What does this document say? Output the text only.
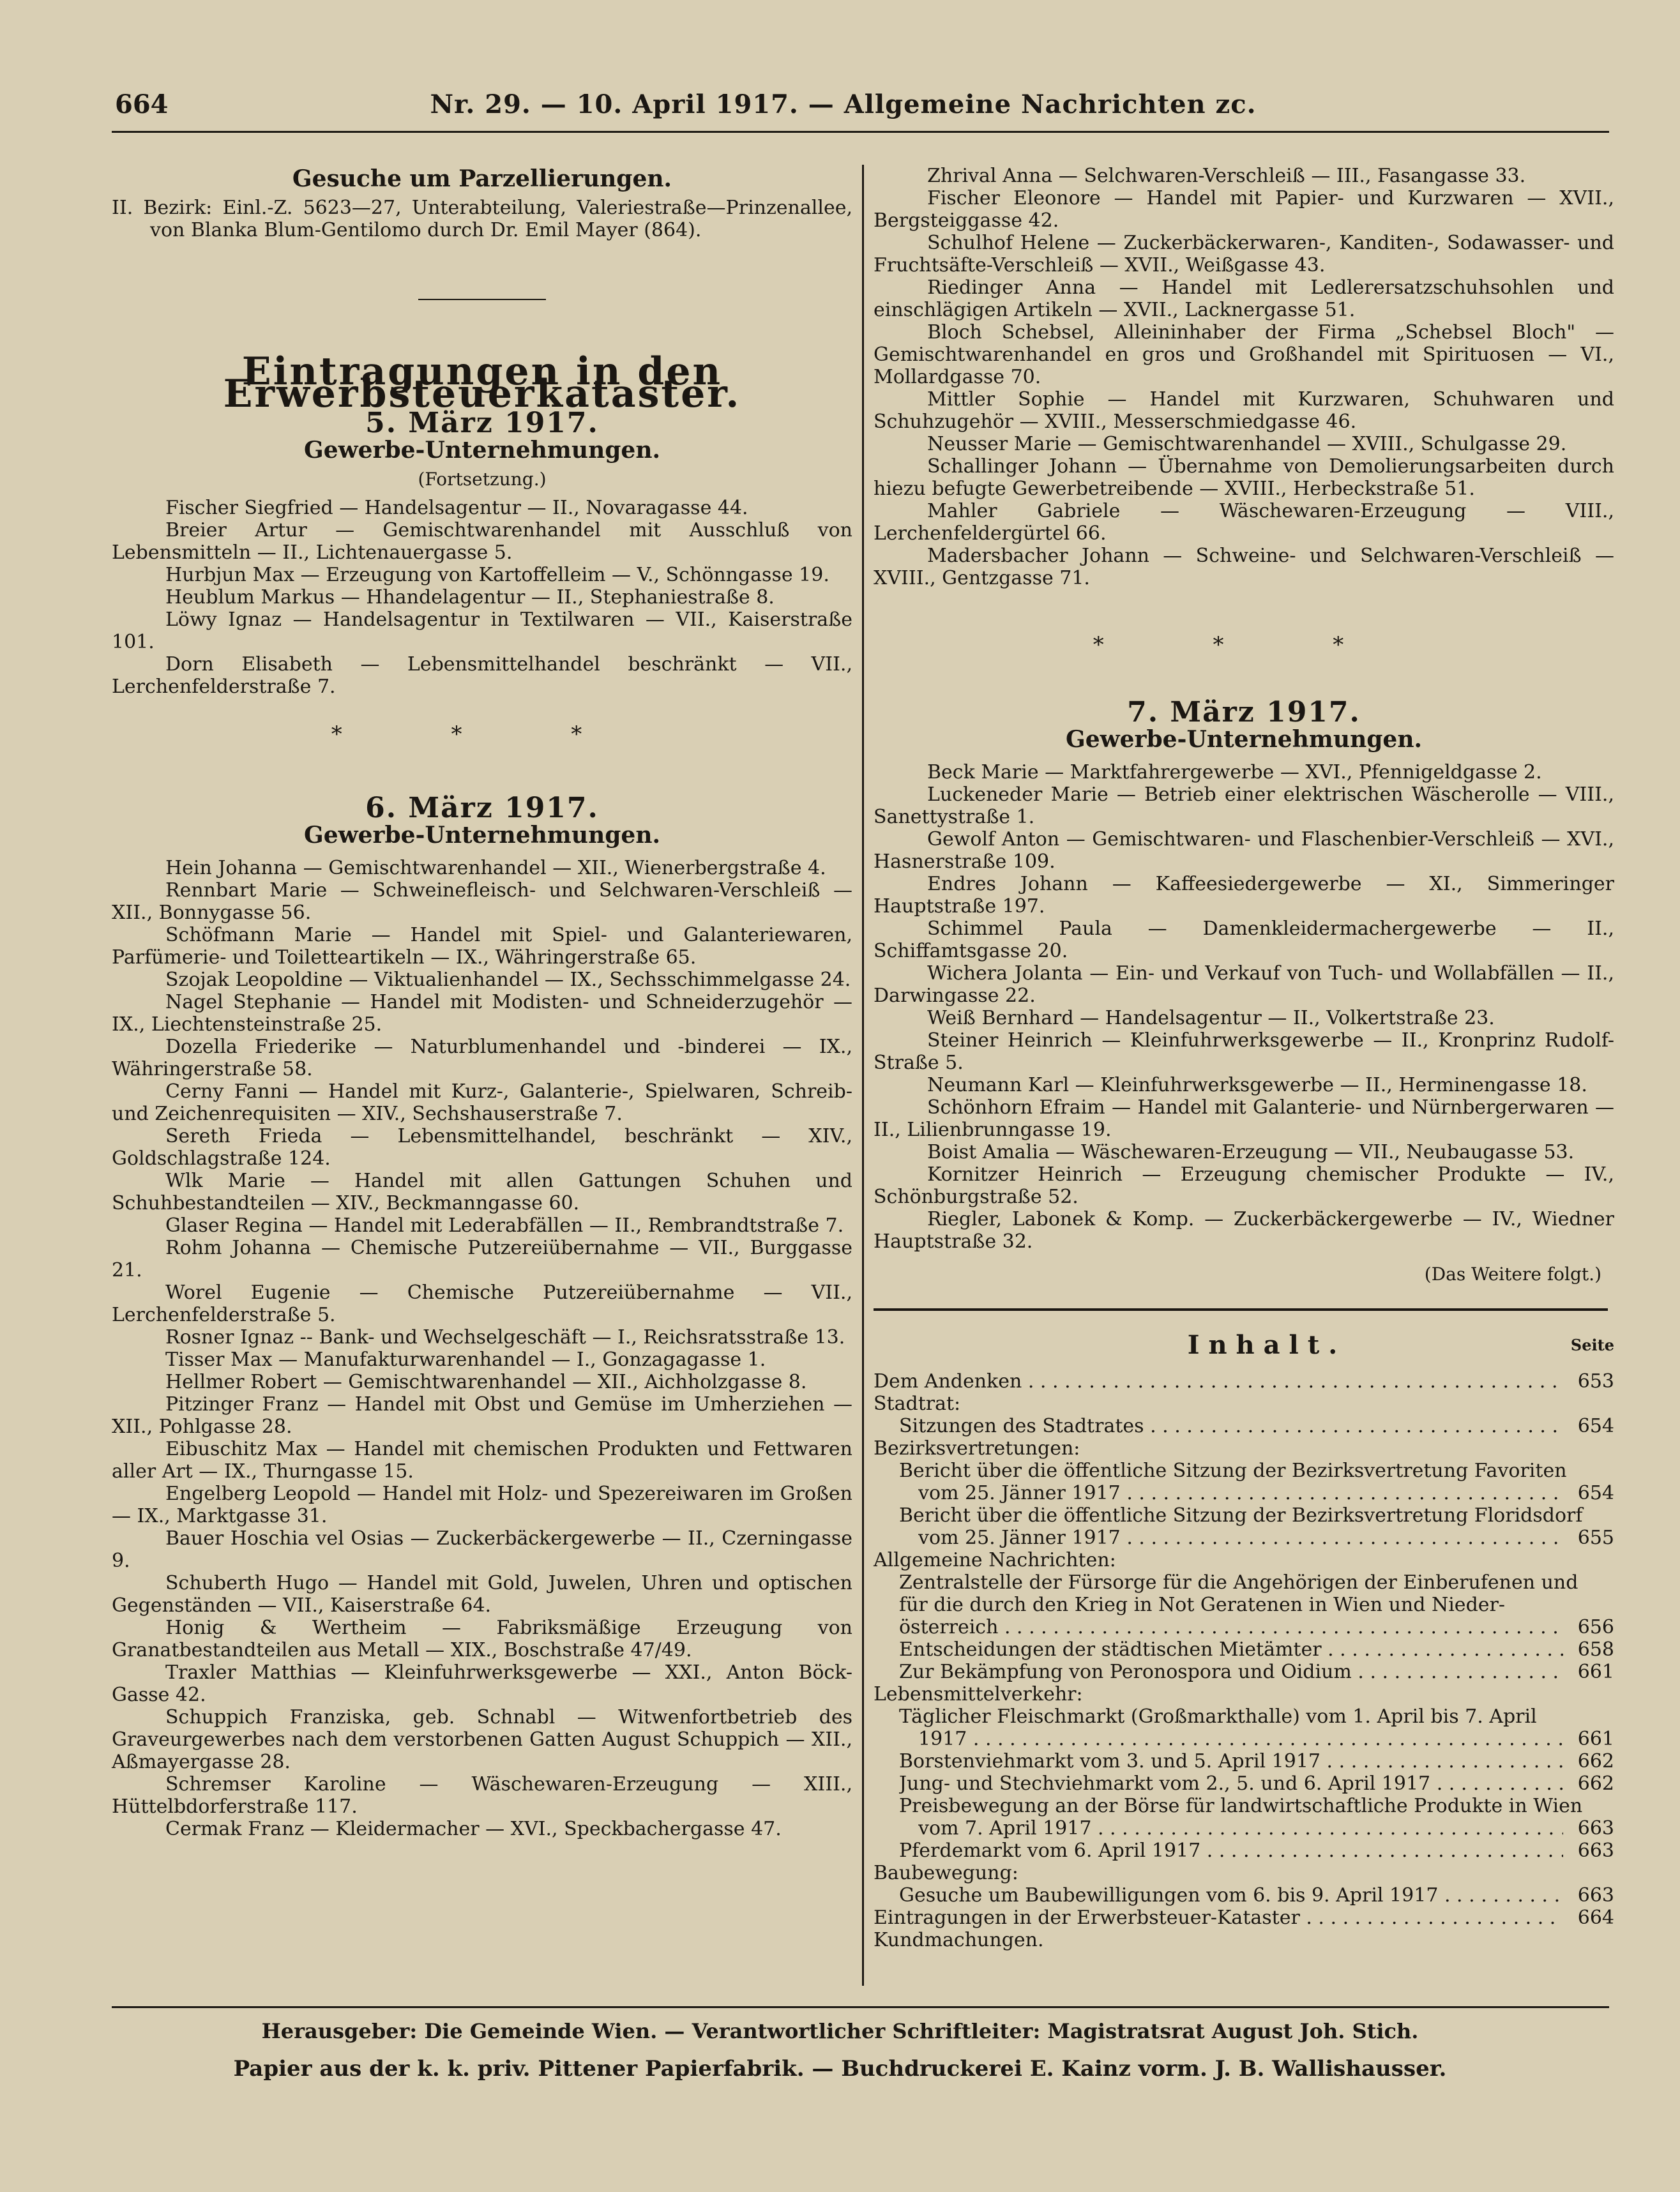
664	Nr. 29. — 10. April 1917. — Allgemeine Nachrichten zc.

Gesuche um Parzellierungen.

II. Bezirk: Einl.-Z. 5623—27, Unterabteilung, Valeriestraße—Prinzenallee, von Blanka Blum-Gentilomo durch Dr. Emil Mayer (864).

Eintragungen in den Erwerbsteuerkataster.

5. März 1917.

Gewerbe-Unternehmungen.

(Fortsetzung.)

Fischer Siegfried — Handelsagentur — II., Novaragasse 44.

Breier Artur — Gemischtwarenhandel mit Ausschluß von Lebensmitteln — II., Lichtenauergasse 5.

Hurbjun Max — Erzeugung von Kartoffelleim — V., Schönngasse 19.

Heublum Markus — Hhandelagentur — II., Stephaniestraße 8.

Löwy Ignaz — Handelsagentur in Textilwaren — VII., Kaiserstraße 101.

Dorn Elisabeth — Lebensmittelhandel beschränkt — VII., Lerchenfelderstraße 7.

* * *

6. März 1917.

Gewerbe-Unternehmungen.

Hein Johanna — Gemischtwarenhandel — XII., Wienerbergstraße 4.

Rennbart Marie — Schweinefleisch- und Selchwaren-Verschleiß — XII., Bonnygasse 56.

Schöfmann Marie — Handel mit Spiel- und Galanteriewaren, Parfümerie- und Toiletteartikeln — IX., Währingerstraße 65.

Szojak Leopoldine — Viktualienhandel — IX., Sechsschimmelgasse 24.

Nagel Stephanie — Handel mit Modisten- und Schneiderzugehör — IX., Liechtensteinstraße 25.

Dozella Friederike — Naturblumenhandel und -binderei — IX., Währingerstraße 58.

Cerny Fanni — Handel mit Kurz-, Galanterie-, Spielwaren, Schreib- und Zeichenrequisiten — XIV., Sechshauserstraße 7.

Sereth Frieda — Lebensmittelhandel, beschränkt — XIV., Goldschlagstraße 124.

Wlk Marie — Handel mit allen Gattungen Schuhen und Schuhbestandteilen — XIV., Beckmanngasse 60.

Glaser Regina — Handel mit Lederabfällen — II., Rembrandtstraße 7.

Rohm Johanna — Chemische Putzereiübernahme — VII., Burggasse 21.

Worel Eugenie — Chemische Putzereiübernahme — VII., Lerchenfelderstraße 5.

Rosner Ignaz -- Bank- und Wechselgeschäft — I., Reichsratsstraße 13.

Tisser Max — Manufakturwarenhandel — I., Gonzagagasse 1.

Hellmer Robert — Gemischtwarenhandel — XII., Aichholzgasse 8.

Pitzinger Franz — Handel mit Obst und Gemüse im Umherziehen — XII., Pohlgasse 28.

Eibuschitz Max — Handel mit chemischen Produkten und Fettwaren aller Art — IX., Thurngasse 15.

Engelberg Leopold — Handel mit Holz- und Spezereiwaren im Großen — IX., Marktgasse 31.

Bauer Hoschia vel Osias — Zuckerbäckergewerbe — II., Czerningasse 9.

Schuberth Hugo — Handel mit Gold, Juwelen, Uhren und optischen Gegenständen — VII., Kaiserstraße 64.

Honig & Wertheim — Fabriksmäßige Erzeugung von Granatbestandteilen aus Metall — XIX., Boschstraße 47/49.

Traxler Matthias — Kleinfuhrwerksgewerbe — XXI., Anton Böck-Gasse 42.

Schuppich Franziska, geb. Schnabl — Witwenfortbetrieb des Graveurgewerbes nach dem verstorbenen Gatten August Schuppich — XII., Aßmayergasse 28.

Schremser Karoline — Wäschewaren-Erzeugung — XIII., Hüttelbdorferstraße 117.

Cermak Franz — Kleidermacher — XVI., Speckbachergasse 47.

Zhrival Anna — Selchwaren-Verschleiß — III., Fasangasse 33.

Fischer Eleonore — Handel mit Papier- und Kurzwaren — XVII., Bergsteiggasse 42.

Schulhof Helene — Zuckerbäckerwaren-, Kanditen-, Sodawasser- und Fruchtsäfte-Verschleiß — XVII., Weißgasse 43.

Riedinger Anna — Handel mit Ledlerersatzschuhsohlen und einschlägigen Artikeln — XVII., Lacknergasse 51.

Bloch Schebsel, Alleininhaber der Firma „Schebsel Bloch" — Gemischtwarenhandel en gros und Großhandel mit Spirituosen — VI., Mollardgasse 70.

Mittler Sophie — Handel mit Kurzwaren, Schuhwaren und Schuhzugehör — XVIII., Messerschmiedgasse 46.

Neusser Marie — Gemischtwarenhandel — XVIII., Schulgasse 29.

Schallinger Johann — Übernahme von Demolierungsarbeiten durch hiezu befugte Gewerbetreibende — XVIII., Herbeckstraße 51.

Mahler Gabriele — Wäschewaren-Erzeugung — VIII., Lerchenfeldergürtel 66.

Madersbacher Johann — Schweine- und Selchwaren-Verschleiß — XVIII., Gentzgasse 71.

* * *

7. März 1917.

Gewerbe-Unternehmungen.

Beck Marie — Marktfahrergewerbe — XVI., Pfennigeldgasse 2.

Luckeneder Marie — Betrieb einer elektrischen Wäscherolle — VIII., Sanettystraße 1.

Gewolf Anton — Gemischtwaren- und Flaschenbier-Verschleiß — XVI., Hasnerstraße 109.

Endres Johann — Kaffeesiedergewerbe — XI., Simmeringer Hauptstraße 197.

Schimmel Paula — Damenkleidermachergewerbe — II., Schiffamtsgasse 20.

Wichera Jolanta — Ein- und Verkauf von Tuch- und Wollabfällen — II., Darwingasse 22.

Weiß Bernhard — Handelsagentur — II., Volkertstraße 23.

Steiner Heinrich — Kleinfuhrwerksgewerbe — II., Kronprinz Rudolf-Straße 5.

Neumann Karl — Kleinfuhrwerksgewerbe — II., Herminengasse 18.

Schönhorn Efraim — Handel mit Galanterie- und Nürnbergerwaren — II., Lilienbrunngasse 19.

Boist Amalia — Wäschewaren-Erzeugung — VII., Neubaugasse 53.

Kornitzer Heinrich — Erzeugung chemischer Produkte — IV., Schönburgstraße 52.

Riegler, Labonek & Komp. — Zuckerbäckergewerbe — IV., Wiedner Hauptstraße 32.

(Das Weitere folgt.)

Inhalt.	Seite
Dem Andenken . . .	653
Stadtrat:
Sitzungen des Stadtrates . . .	654
Bezirksvertretungen:
Bericht über die öffentliche Sitzung der Bezirksvertretung Favoriten
vom 25. Jänner 1917 . . .	654
Bericht über die öffentliche Sitzung der Bezirksvertretung Floridsdorf
vom 25. Jänner 1917 . . .	655
Allgemeine Nachrichten:
Zentralstelle der Fürsorge für die Angehörigen der Einberufenen und
für die durch den Krieg in Not Geratenen in Wien und Nieder-
österreich . . .	656
Entscheidungen der städtischen Mietämter . . .	658
Zur Bekämpfung von Peronospora und Oidium . . .	661
Lebensmittelverkehr:
Täglicher Fleischmarkt (Großmarkthalle) vom 1. April bis 7. April
1917 . . .	661
Borstenviehmarkt vom 3. und 5. April 1917 . . .	662
Jung- und Stechviehmarkt vom 2., 5. und 6. April 1917 . . .	662
Preisbewegung an der Börse für landwirtschaftliche Produkte in Wien
vom 7. April 1917 . . .	663
Pferdemarkt vom 6. April 1917 . . .	663
Baubewegung:
Gesuche um Baubewilligungen vom 6. bis 9. April 1917 . . .	663
Eintragungen in der Erwerbsteuer-Kataster . . .	664
Kundmachungen.
Herausgeber: Die Gemeinde Wien. — Verantwortlicher Schriftleiter: Magistratsrat August Joh. Stich.
Papier aus der k. k. priv. Pittener Papierfabrik. — Buchdruckerei E. Kainz vorm. J. B. Wallishausser.
